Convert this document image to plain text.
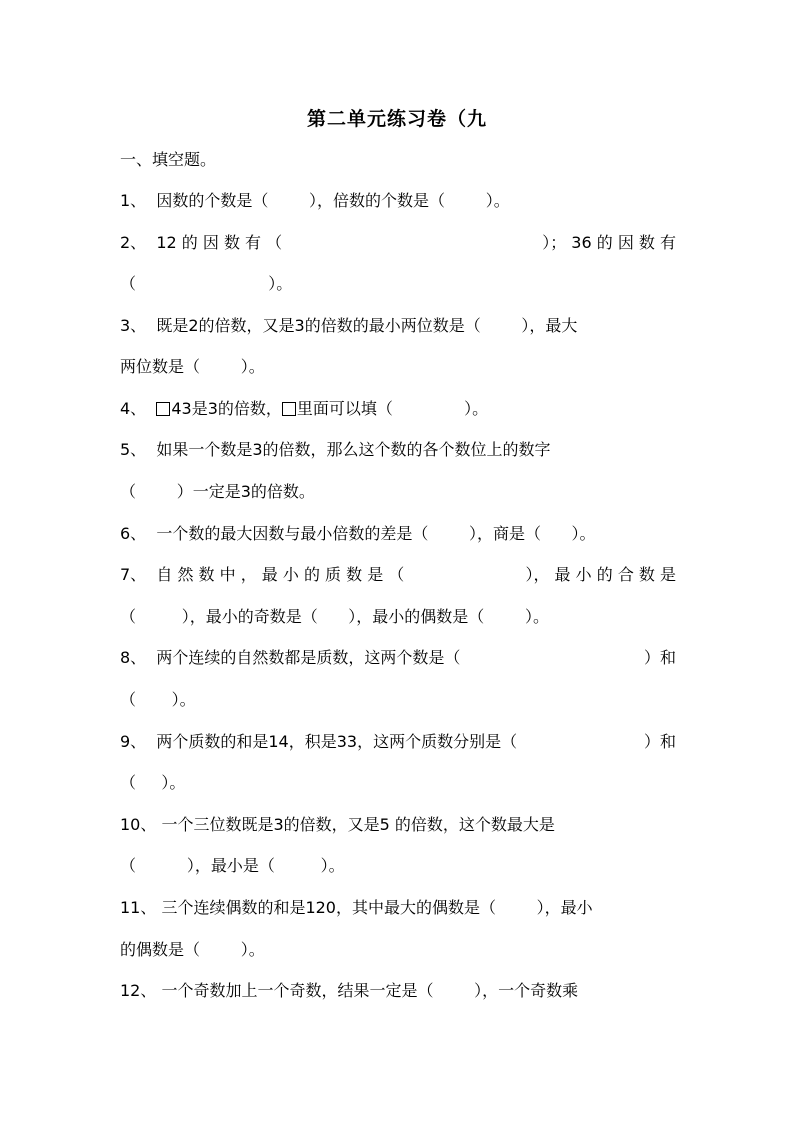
第二单元练习卷（九
一、填空题。
1、  因数的个数是（        ），倍数的个数是（        ）。
2、  12 的 因 数 有 （	）； 36 的 因 数 有
（                          ）。
3、  既是2的倍数，又是3的倍数的最小两位数是（        ），最大
两位数是（        ）。
4、  43是3的倍数， 里面可以填（              ）。
5、  如果一个数是3的倍数，那么这个数的各个数位上的数字
（        ）一定是3的倍数。
6、  一个数的最大因数与最小倍数的差是（        ），商是（      ）。
7、  自 然 数 中 ， 最 小 的 质 数 是 （	）， 最 小 的 合 数 是
（         ），最小的奇数是（      ），最小的偶数是（        ）。
8、  两个连续的自然数都是质数，这两个数是（	）和
（       ）。
9、  两个质数的和是14，积是33，这两个质数分别是（	）和
（     ）。
10、 一个三位数既是3的倍数，又是5 的倍数，这个数最大是
（          ），最小是（         ）。
11、 三个连续偶数的和是120，其中最大的偶数是（        ），最小
的偶数是（        ）。
12、 一个奇数加上一个奇数，结果一定是（        ），一个奇数乘
